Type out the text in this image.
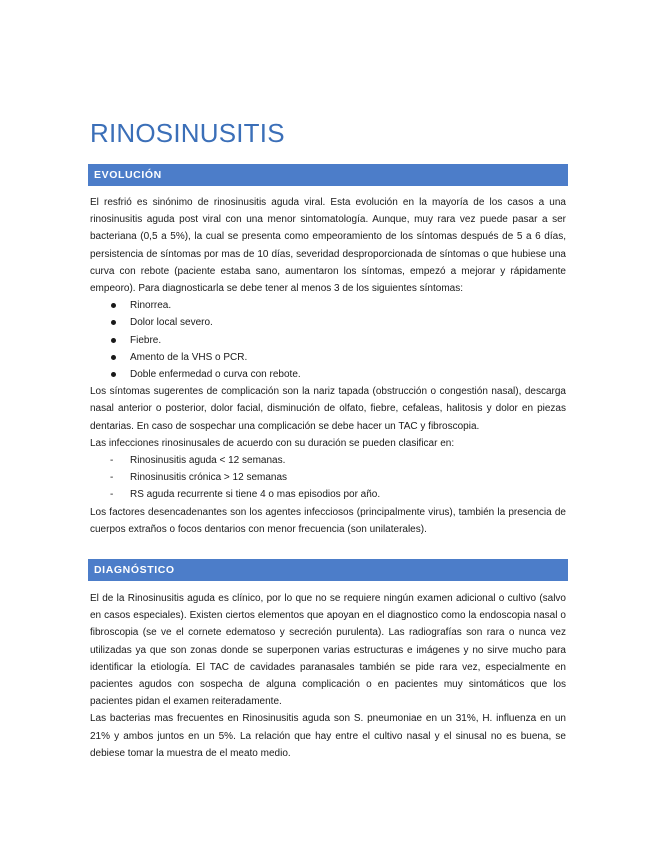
RINOSINUSITIS
EVOLUCIÓN

El resfrió es sinónimo de rinosinusitis aguda viral. Esta evolución en la mayoría de los casos a una rinosinusitis aguda post viral con una menor sintomatología. Aunque, muy rara vez puede pasar a ser bacteriana (0,5 a 5%), la cual se presenta como empeoramiento de los síntomas después de 5 a 6 días, persistencia de síntomas por mas de 10 días, severidad desproporcionada de síntomas o que hubiese una curva con rebote (paciente estaba sano, aumentaron los síntomas, empezó a mejorar y rápidamente empeoro). Para diagnosticarla se debe tener al menos 3 de los siguientes síntomas:

Rinorrea.
Dolor local severo.
Fiebre.
Amento de la VHS o PCR.
Doble enfermedad o curva con rebote.

Los síntomas sugerentes de complicación son la nariz tapada (obstrucción o congestión nasal), descarga nasal anterior o posterior, dolor facial, disminución de olfato, fiebre, cefaleas, halitosis y dolor en piezas dentarias. En caso de sospechar una complicación se debe hacer un TAC y fibroscopia.

Las infecciones rinosinusales de acuerdo con su duración se pueden clasificar en:

- Rinosinusitis aguda < 12 semanas.
- Rinosinusitis crónica > 12 semanas
- RS aguda recurrente si tiene 4 o mas episodios por año.

Los factores desencadenantes son los agentes infecciosos (principalmente virus), también la presencia de cuerpos extraños o focos dentarios con menor frecuencia (son unilaterales).

DIAGNÓSTICO

El de la Rinosinusitis aguda es clínico, por lo que no se requiere ningún examen adicional o cultivo (salvo en casos especiales). Existen ciertos elementos que apoyan en el diagnostico como la endoscopia nasal o fibroscopia (se ve el cornete edematoso y secreción purulenta). Las radiografías son rara o nunca vez utilizadas ya que son zonas donde se superponen varias estructuras e imágenes y no sirve mucho para identificar la etiología. El TAC de cavidades paranasales también se pide rara vez, especialmente en pacientes agudos con sospecha de alguna complicación o en pacientes muy sintomáticos que los pacientes pidan el examen reiteradamente.

Las bacterias mas frecuentes en Rinosinusitis aguda son S. pneumoniae en un 31%, H. influenza en un 21% y ambos juntos en un 5%. La relación que hay entre el cultivo nasal y el sinusal no es buena, se debiese tomar la muestra de el meato medio.
